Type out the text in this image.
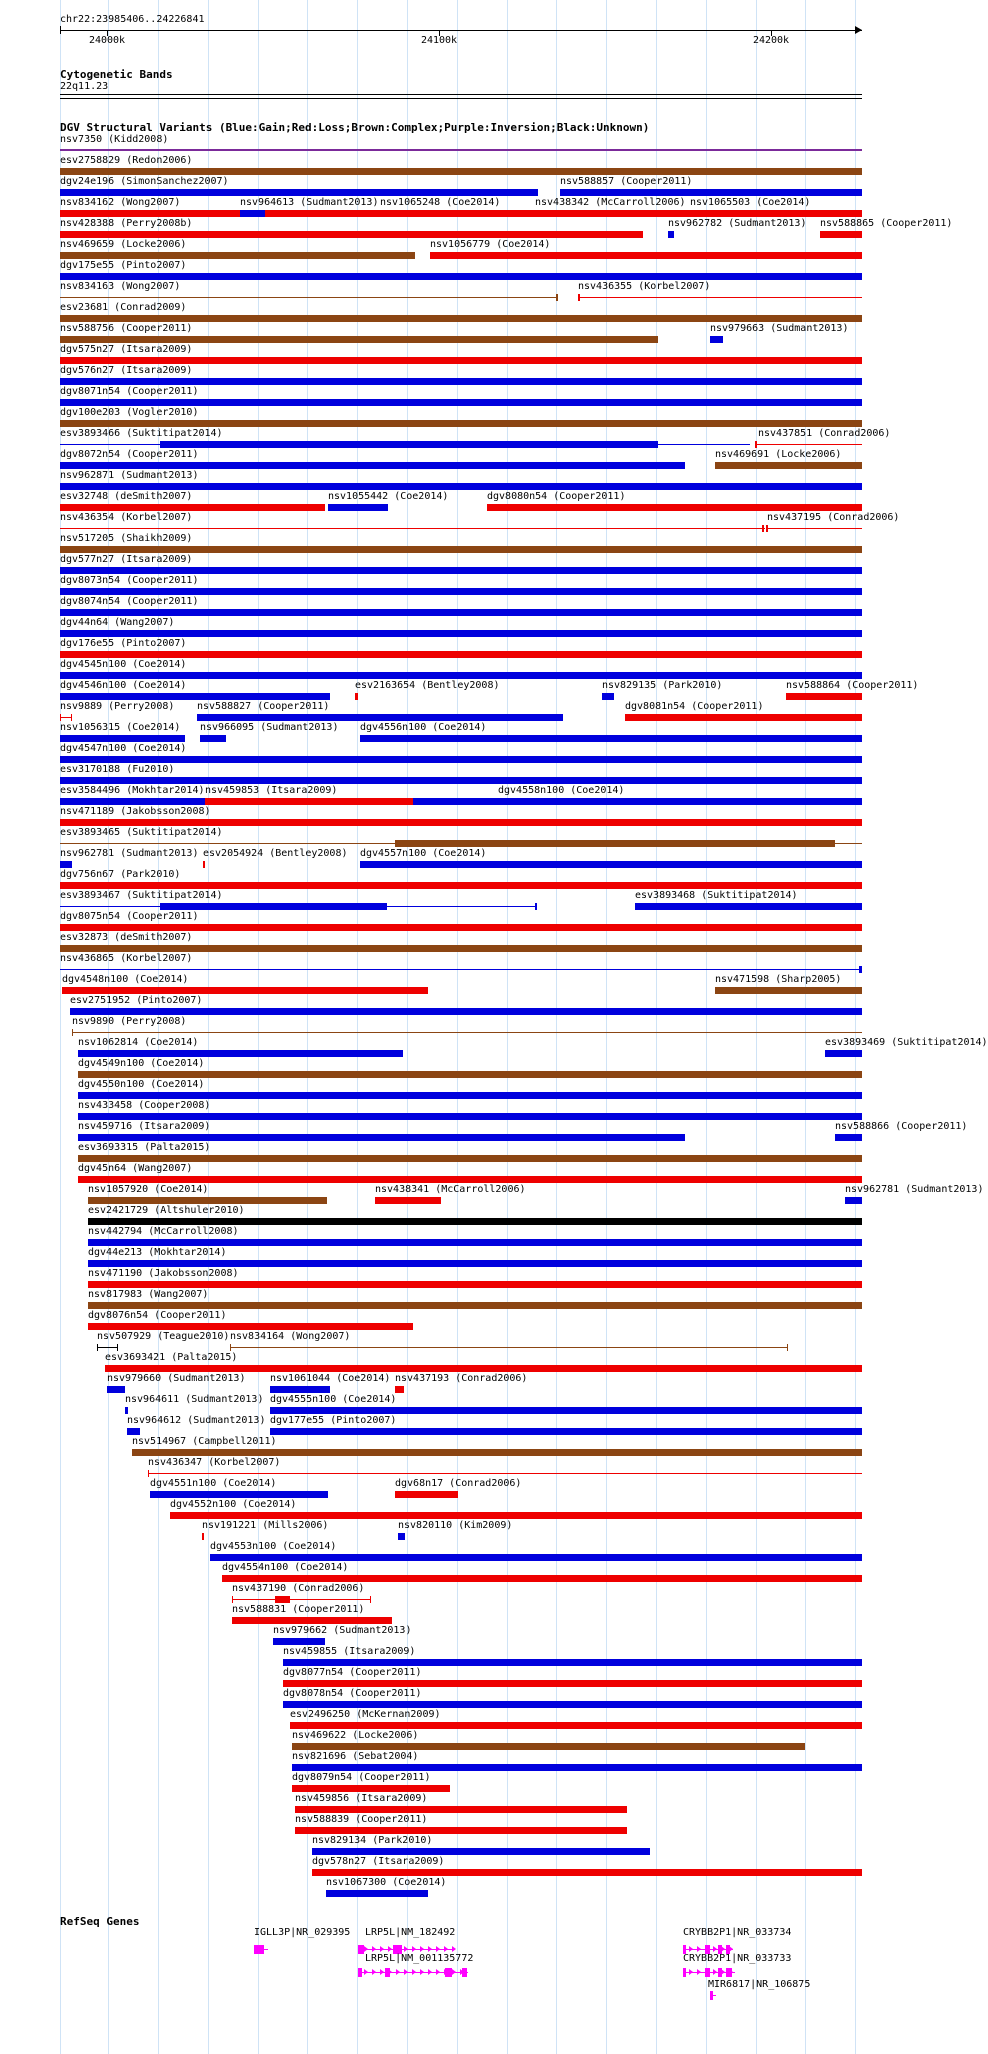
chr22:23985406..24226841
24000k	24100k	24200k
Cytogenetic Bands
22q11.23
DGV Structural Variants (Blue:Gain;Red:Loss;Brown:Complex;Purple:Inversion;Black:Unknown)
nsv7350 (Kidd2008)
esv2758829 (Redon2006)
dgv24e196 (SimonSanchez2007)	nsv588857 (Cooper2011)
nsv834162 (Wong2007)	nsv964613 (Sudmant2013) nsv1065248 (Coe2014)	nsv438342 (McCarroll2006) nsv1065503 (Coe2014)
nsv428388 (Perry2008b)	nsv962782 (Sudmant2013) nsv588865 (Cooper2011)
nsv469659 (Locke2006)	nsv1056779 (Coe2014)
dgv175e55 (Pinto2007)
nsv834163 (Wong2007)	nsv436355 (Korbel2007)
esv23681 (Conrad2009)
nsv588756 (Cooper2011)	nsv979663 (Sudmant2013)
dgv575n27 (Itsara2009)
dgv576n27 (Itsara2009)
dgv8071n54 (Cooper2011)
dgv100e203 (Vogler2010)
esv3893466 (Suktitipat2014)	nsv437851 (Conrad2006)
dgv8072n54 (Cooper2011)	nsv469691 (Locke2006)
nsv962871 (Sudmant2013)
esv32748 (deSmith2007)	nsv1055442 (Coe2014)	dgv8080n54 (Cooper2011)
nsv436354 (Korbel2007)	nsv437195 (Conrad2006)
nsv517205 (Shaikh2009)
dgv577n27 (Itsara2009)
dgv8073n54 (Cooper2011)
dgv8074n54 (Cooper2011)
dgv44n64 (Wang2007)
dgv176e55 (Pinto2007)
dgv4545n100 (Coe2014)
dgv4546n100 (Coe2014)	esv2163654 (Bentley2008)	nsv829135 (Park2010)	nsv588864 (Cooper2011)
nsv9889 (Perry2008) nsv588827 (Cooper2011)	dgv8081n54 (Cooper2011)
nsv1056315 (Coe2014) nsv966095 (Sudmant2013) dgv4556n100 (Coe2014)
dgv4547n100 (Coe2014)
esv3170188 (Fu2010)
esv3584496 (Mokhtar2014) nsv459853 (Itsara2009)	dgv4558n100 (Coe2014)
nsv471189 (Jakobsson2008)
esv3893465 (Suktitipat2014)
nsv962781 (Sudmant2013) esv2054924 (Bentley2008) dgv4557n100 (Coe2014)
dgv756n67 (Park2010)
esv3893467 (Suktitipat2014)	esv3893468 (Suktitipat2014)
dgv8075n54 (Cooper2011)
esv32873 (deSmith2007)
nsv436865 (Korbel2007)
dgv4548n100 (Coe2014)	nsv471598 (Sharp2005)
esv2751952 (Pinto2007)
nsv9890 (Perry2008)
nsv1062814 (Coe2014)	esv3893469 (Suktitipat2014)
dgv4549n100 (Coe2014)
dgv4550n100 (Coe2014)
nsv433458 (Cooper2008)
nsv459716 (Itsara2009)	nsv588866 (Cooper2011)
esv3693315 (Palta2015)
dgv45n64 (Wang2007)
nsv1057920 (Coe2014)	nsv438341 (McCarroll2006)	nsv962781 (Sudmant2013)
esv2421729 (Altshuler2010)
nsv442794 (McCarroll2008)
dgv44e213 (Mokhtar2014)
nsv471190 (Jakobsson2008)
nsv817983 (Wang2007)
dgv8076n54 (Cooper2011)
nsv507929 (Teague2010) nsv834164 (Wong2007)
esv3693421 (Palta2015)
nsv979660 (Sudmant2013) nsv1061044 (Coe2014) nsv437193 (Conrad2006)
nsv964611 (Sudmant2013) dgv4555n100 (Coe2014)
nsv964612 (Sudmant2013) dgv177e55 (Pinto2007)
nsv514967 (Campbell2011)
nsv436347 (Korbel2007)
dgv4551n100 (Coe2014)	dgv68n17 (Conrad2006)
dgv4552n100 (Coe2014)
nsv191221 (Mills2006)	nsv820110 (Kim2009)
dgv4553n100 (Coe2014)
dgv4554n100 (Coe2014)
nsv437190 (Conrad2006)
nsv588831 (Cooper2011)
nsv979662 (Sudmant2013)
nsv459855 (Itsara2009)
dgv8077n54 (Cooper2011)
dgv8078n54 (Cooper2011)
esv2496250 (McKernan2009)
nsv469622 (Locke2006)
nsv821696 (Sebat2004)
dgv8079n54 (Cooper2011)
nsv459856 (Itsara2009)
nsv588839 (Cooper2011)
nsv829134 (Park2010)
dgv578n27 (Itsara2009)
nsv1067300 (Coe2014)
RefSeq Genes
IGLL3P|NR_029395 LRP5L|NM_182492
LRP5L|NM_001135772
CRYBB2P1|NR_033734
CRYBB2P1|NR_033733
MIR6817|NR_106875
